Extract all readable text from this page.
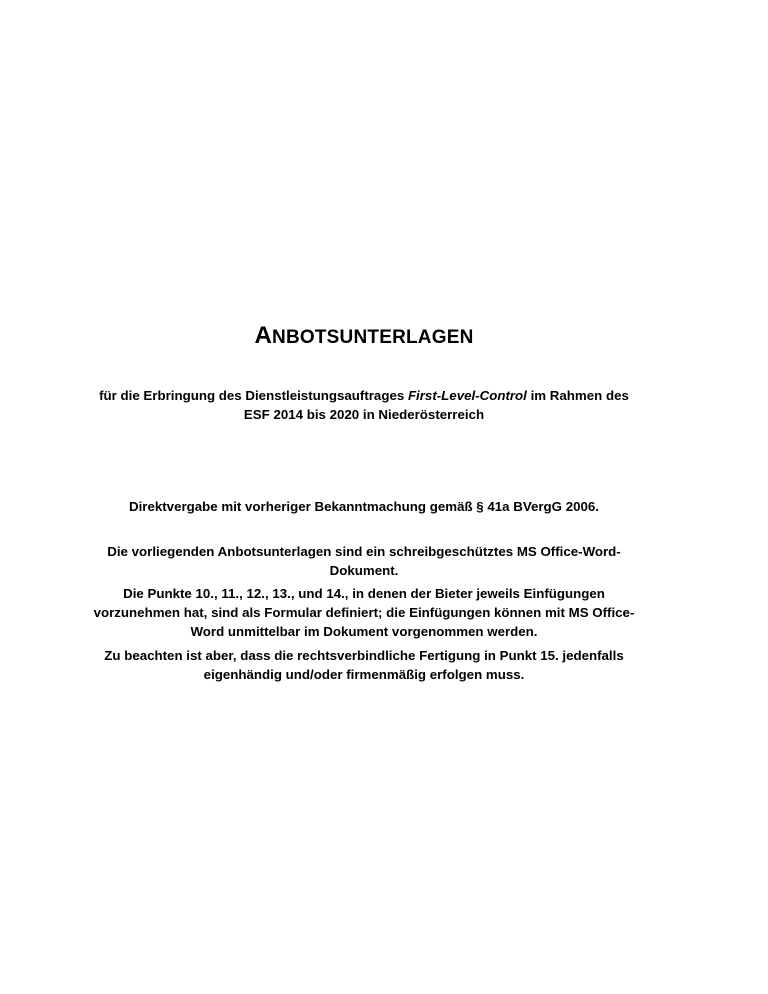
ANBOTSUNTERLAGEN
für die Erbringung des Dienstleistungsauftrages First-Level-Control im Rahmen des
ESF 2014 bis 2020 in Niederösterreich
Direktvergabe mit vorheriger Bekanntmachung gemäß § 41a BVergG 2006.
Die vorliegenden Anbotsunterlagen sind ein schreibgeschütztes MS Office-Word-
Dokument.
Die Punkte 10., 11., 12., 13., und 14., in denen der Bieter jeweils Einfügungen
vorzunehmen hat, sind als Formular definiert; die Einfügungen können mit MS Office-
Word unmittelbar im Dokument vorgenommen werden.
Zu beachten ist aber, dass die rechtsverbindliche Fertigung in Punkt 15. jedenfalls
eigenhändig und/oder firmenmäßig erfolgen muss.
